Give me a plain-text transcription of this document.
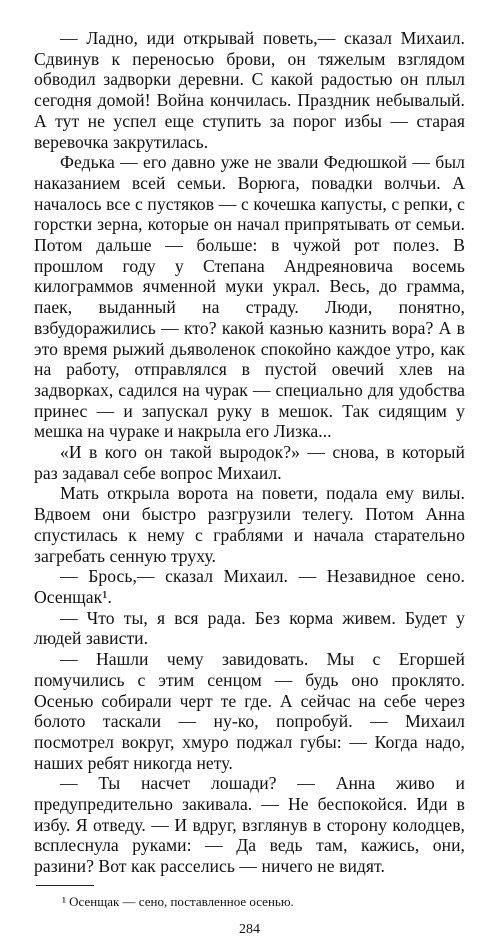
— Ладно, иди открывай поветь,— сказал Михаил. Сдвинув к переносью брови, он тяжелым взглядом обводил задворки деревни. С какой радостью он плыл сегодня домой! Война кончилась. Праздник небывалый. А тут не успел еще ступить за порог избы — старая веревочка закрутилась.

Федька — его давно уже не звали Федюшкой — был наказанием всей семьи. Ворюга, повадки волчьи. А началось все с пустяков — с кочешка капусты, с репки, с горстки зерна, которые он начал припрятывать от семьи. Потом дальше — больше: в чужой рот полез. В прошлом году у Степана Андреяновича восемь килограммов ячменной муки украл. Весь, до грамма, паек, выданный на страду. Люди, понятно, взбудоражились — кто? какой казнью казнить вора? А в это время рыжий дьяволенок спокойно каждое утро, как на работу, отправлялся в пустой овечий хлев на задворках, садился на чурак — специально для удобства принес — и запускал руку в мешок. Так сидящим у мешка на чураке и накрыла его Лизка...

«И в кого он такой выродок?» — снова, в который раз задавал себе вопрос Михаил.

Мать открыла ворота на повети, подала ему вилы. Вдвоем они быстро разгрузили телегу. Потом Анна спустилась к нему с граблями и начала старательно загребать сенную труху.

— Брось,— сказал Михаил. — Незавидное сено. Осенщак¹.

— Что ты, я вся рада. Без корма живем. Будет у людей зависти.

— Нашли чему завидовать. Мы с Егоршей помучились с этим сенцом — будь оно проклято. Осенью собирали черт те где. А сейчас на себе через болото таскали — ну-ко, попробуй. — Михаил посмотрел вокруг, хмуро поджал губы: — Когда надо, наших ребят никогда нету.

— Ты насчет лошади? — Анна живо и предупредительно закивала. — Не беспокойся. Иди в избу. Я отведу. — И вдруг, взглянув в сторону колодцев, всплеснула руками: — Да ведь там, кажись, они, разини? Вот как расселись — ничего не видят.

¹ Осенщак — сено, поставленное осенью.

284
